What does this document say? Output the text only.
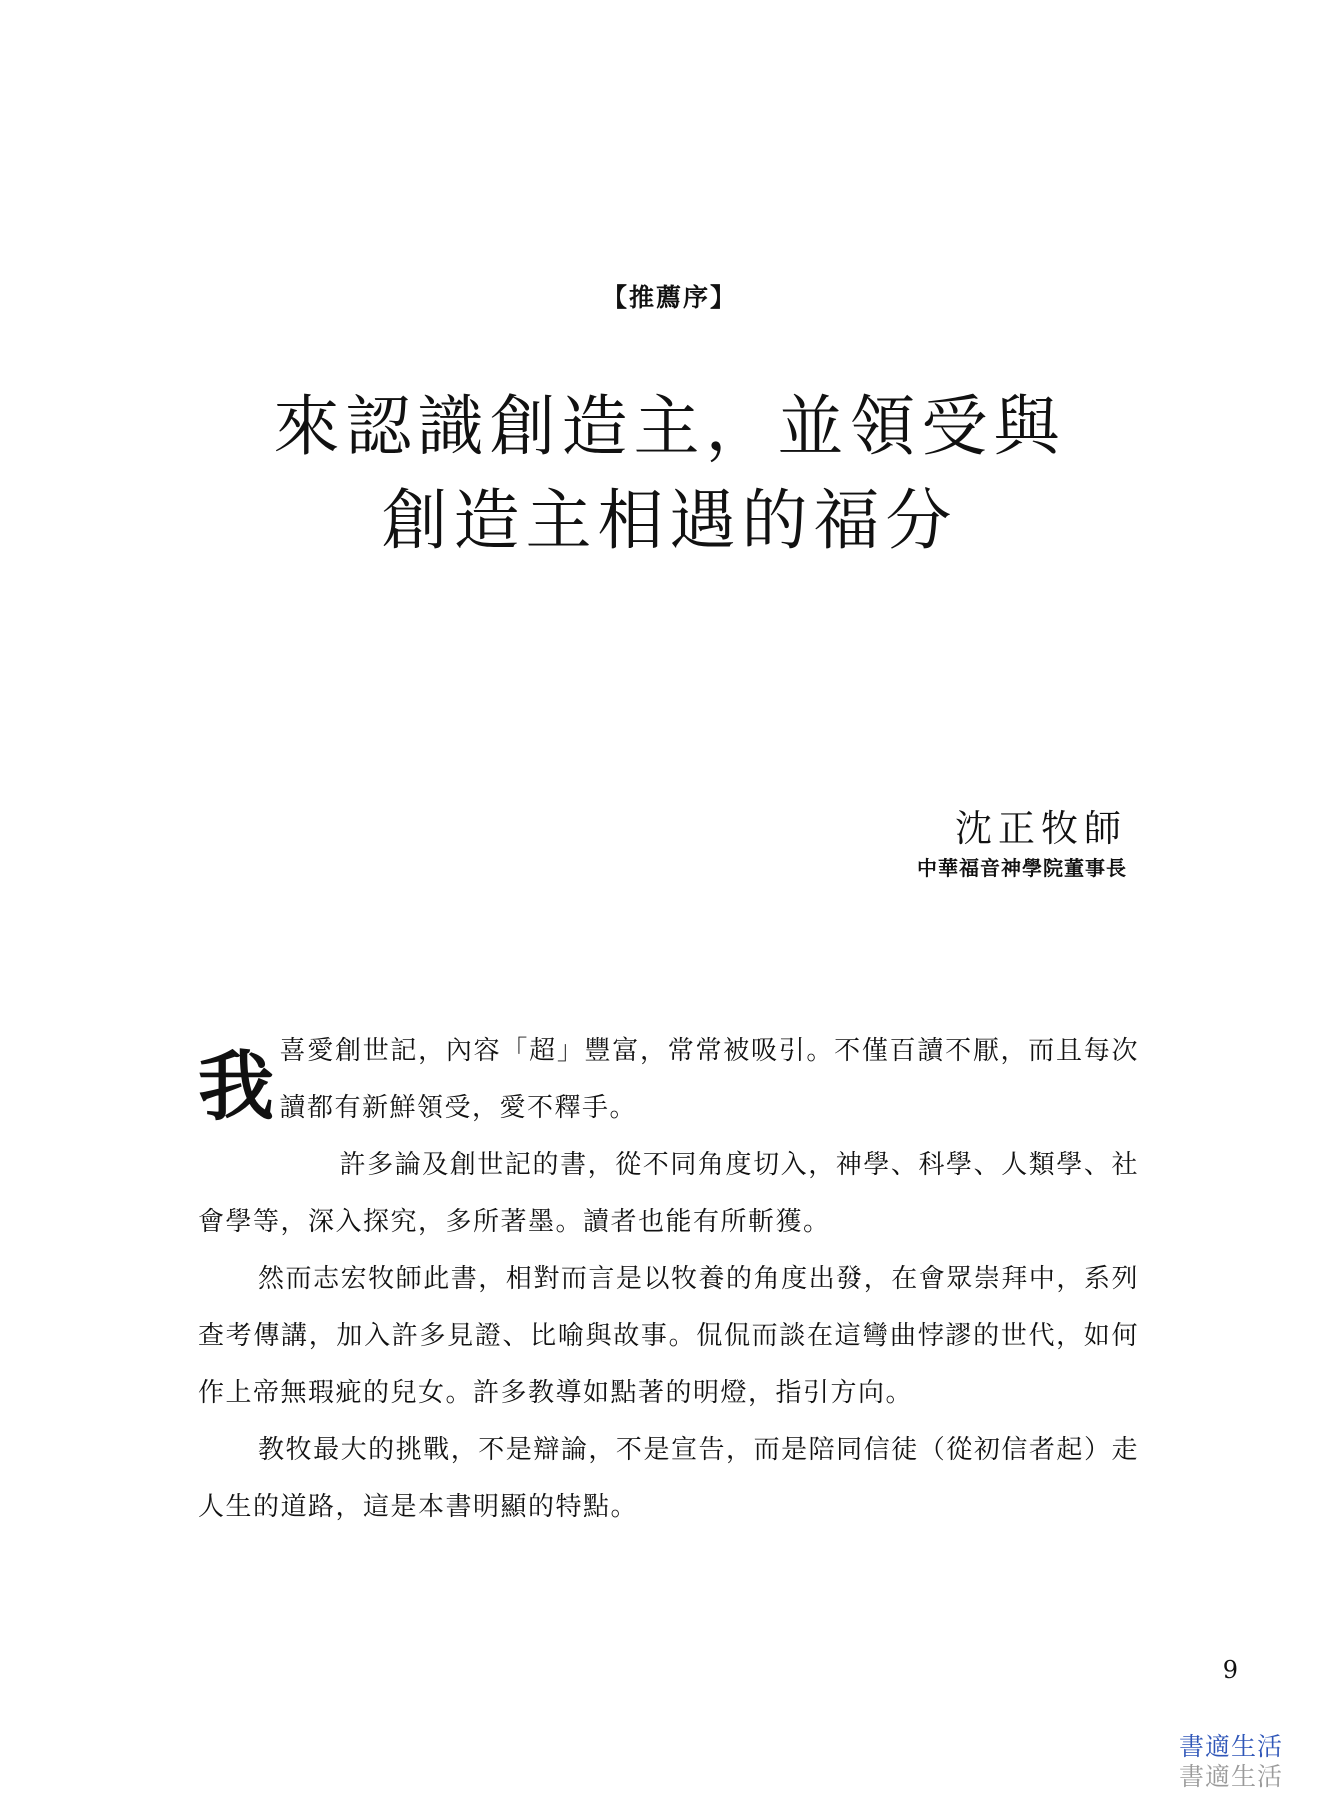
【推薦序】
來認識創造主，並領受與
創造主相遇的福分
沈正牧師
中華福音神學院董事長

我 喜愛創世記，內容「超」豐富，常常被吸引。不僅百讀不厭，而且每次讀都有新鮮領受，愛不釋手。

許多論及創世記的書，從不同角度切入，神學、科學、人類學、社會學等，深入探究，多所著墨。讀者也能有所斬獲。

然而志宏牧師此書，相對而言是以牧養的角度出發，在會眾崇拜中，系列查考傳講，加入許多見證、比喻與故事。侃侃而談在這彎曲悖謬的世代，如何作上帝無瑕疵的兒女。許多教導如點著的明燈，指引方向。

教牧最大的挑戰，不是辯論，不是宣告，而是陪同信徒（從初信者起）走人生的道路，這是本書明顯的特點。

9
書適生活
書適生活
